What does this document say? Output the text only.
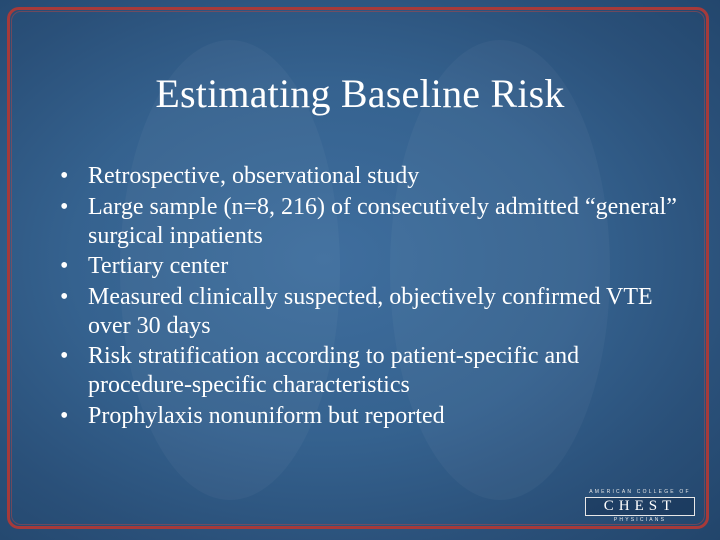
Estimating Baseline Risk
• Retrospective, observational study
• Large sample (n=8, 216) of consecutively admitted “general” surgical inpatients
• Tertiary center
• Measured clinically suspected, objectively confirmed VTE over 30 days
• Risk stratification according to patient-specific and procedure-specific characteristics
• Prophylaxis nonuniform but reported
AMERICAN COLLEGE OF
CHEST
PHYSICIANS
